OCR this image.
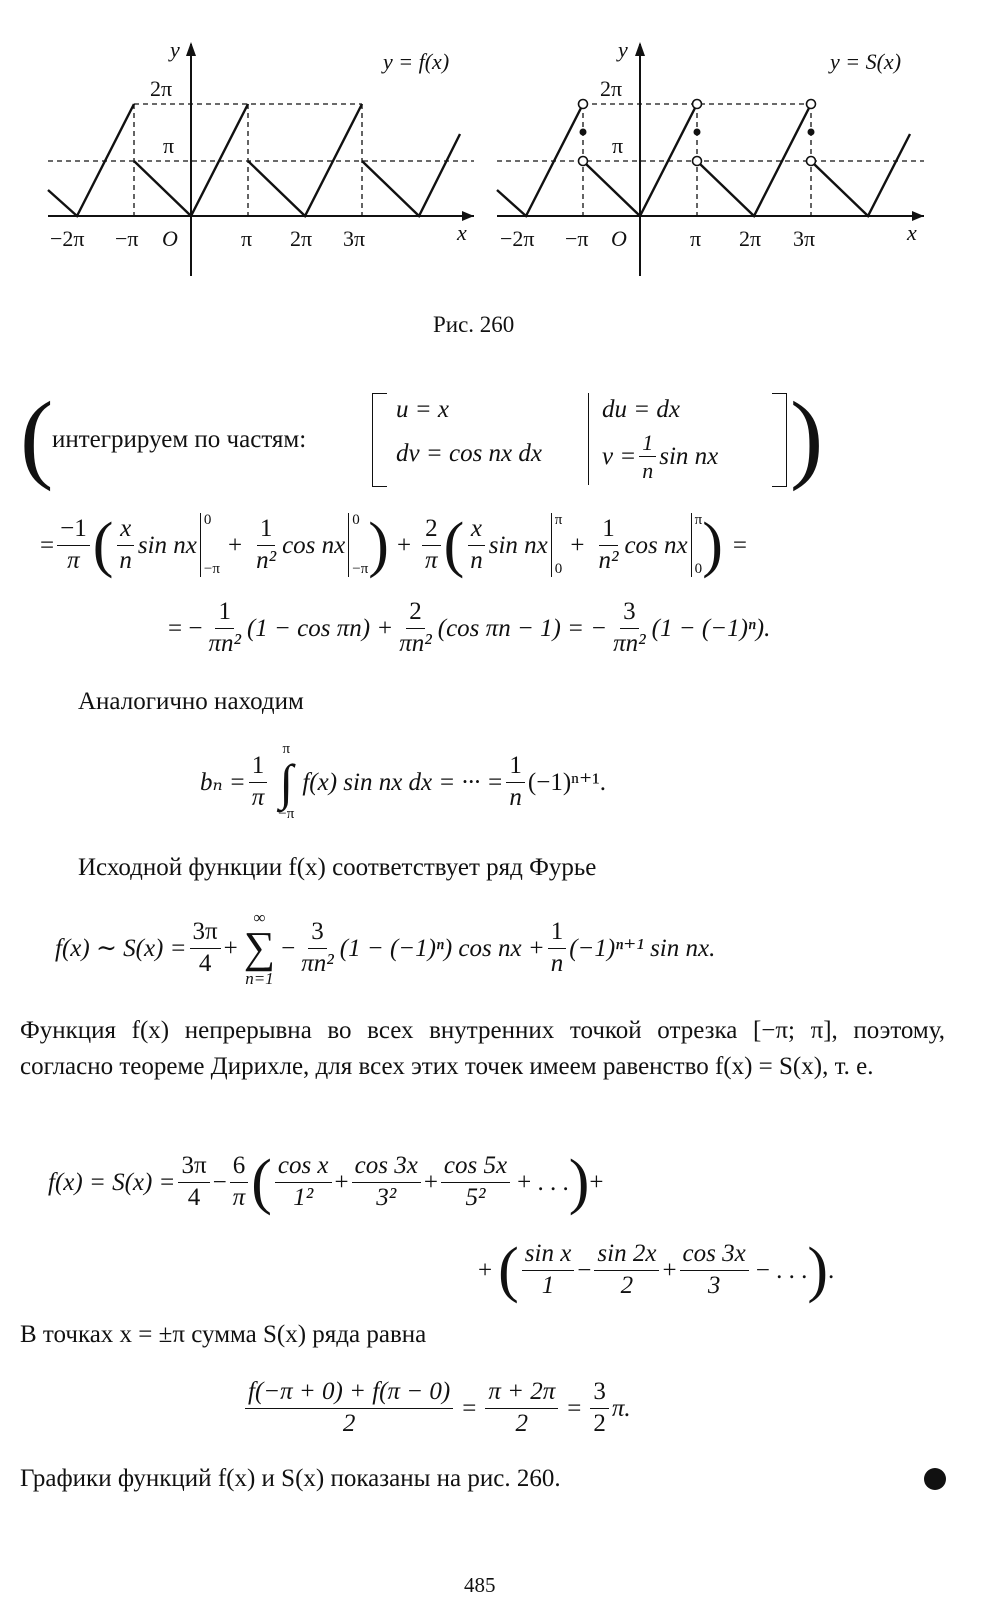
y
2π
π
y = f(x)
−2π −π O	π 2π 3π	x
y
2π
π
y = S(x)
−2π −π O	π 2π 3π	x
Рис. 260
(
интегрируем по частям:
u = x
dv = cos nx dx
du = dx
$v = \frac{1}{n}$ sin nx )
= $\frac{-1}{\pi}$ ( $\frac{x}{n}$ sin nx
0
−π
+ $\frac{1}{\text{n²}}$ cos nx
0
−π ) + $\frac{2}{\pi}$ ( $\frac{x}{n}$ sin nx
π
0
+ $\frac{1}{\text{n²}}$ cos nx
π
0 ) =
= − $\frac{1}{\text{πn²}} (1 - \cos \pi n) + \frac{2}{\text{πn²}} (\cos$ πn − 1) = − $\frac{3}{\text{πn²}} (1 - (-1)^n)$.
Аналогично находим
$b_n = \frac{1}{\pi}$
π
∫
−π
f(x) sin nx dx = ··· = $\frac{1}{n} (-1)^{n+1}$.
Исходной функции f(x) соответствует ряд Фурье
f(x) ∼ $S(x) = \frac{3\pi}{4}$ +
∞
∑
n=1
− $\frac{3}{\text{πn²}} (1 - (-1)^n)$ cos nx + $\frac{1}{n} (-1)^{n+1}$ sin nx.
Функция f(x) непрерывна во всех внутренних точкой отрезка [−π; π], поэтому, согласно теореме Дирихле, для всех этих точек имеем равенство f(x) = S(x), т. е.
$f(x) = S(x) = \frac{3\pi}{4} - \frac{6}{\pi}$ ( $\frac{\text{cos x}}{\text{1²}} + \frac{\cos 3x}{\text{3²}} + \frac{\cos 5x}{\text{5²}}$ + . . . ) +
+ ( $\frac{\text{sin x}}{1} - \frac{\sin 2x}{2} + \frac{\cos 3x}{3}$ − . . . ) .
В точках x = ±π сумма S(x) ряда равна
$\frac{f(-\pi + 0) + f(\pi - 0)}{2} = \frac{\pi + 2\pi}{2} = \frac{3}{2} \pi$.
Графики функций f(x) и S(x) показаны на рис. 260.
485
